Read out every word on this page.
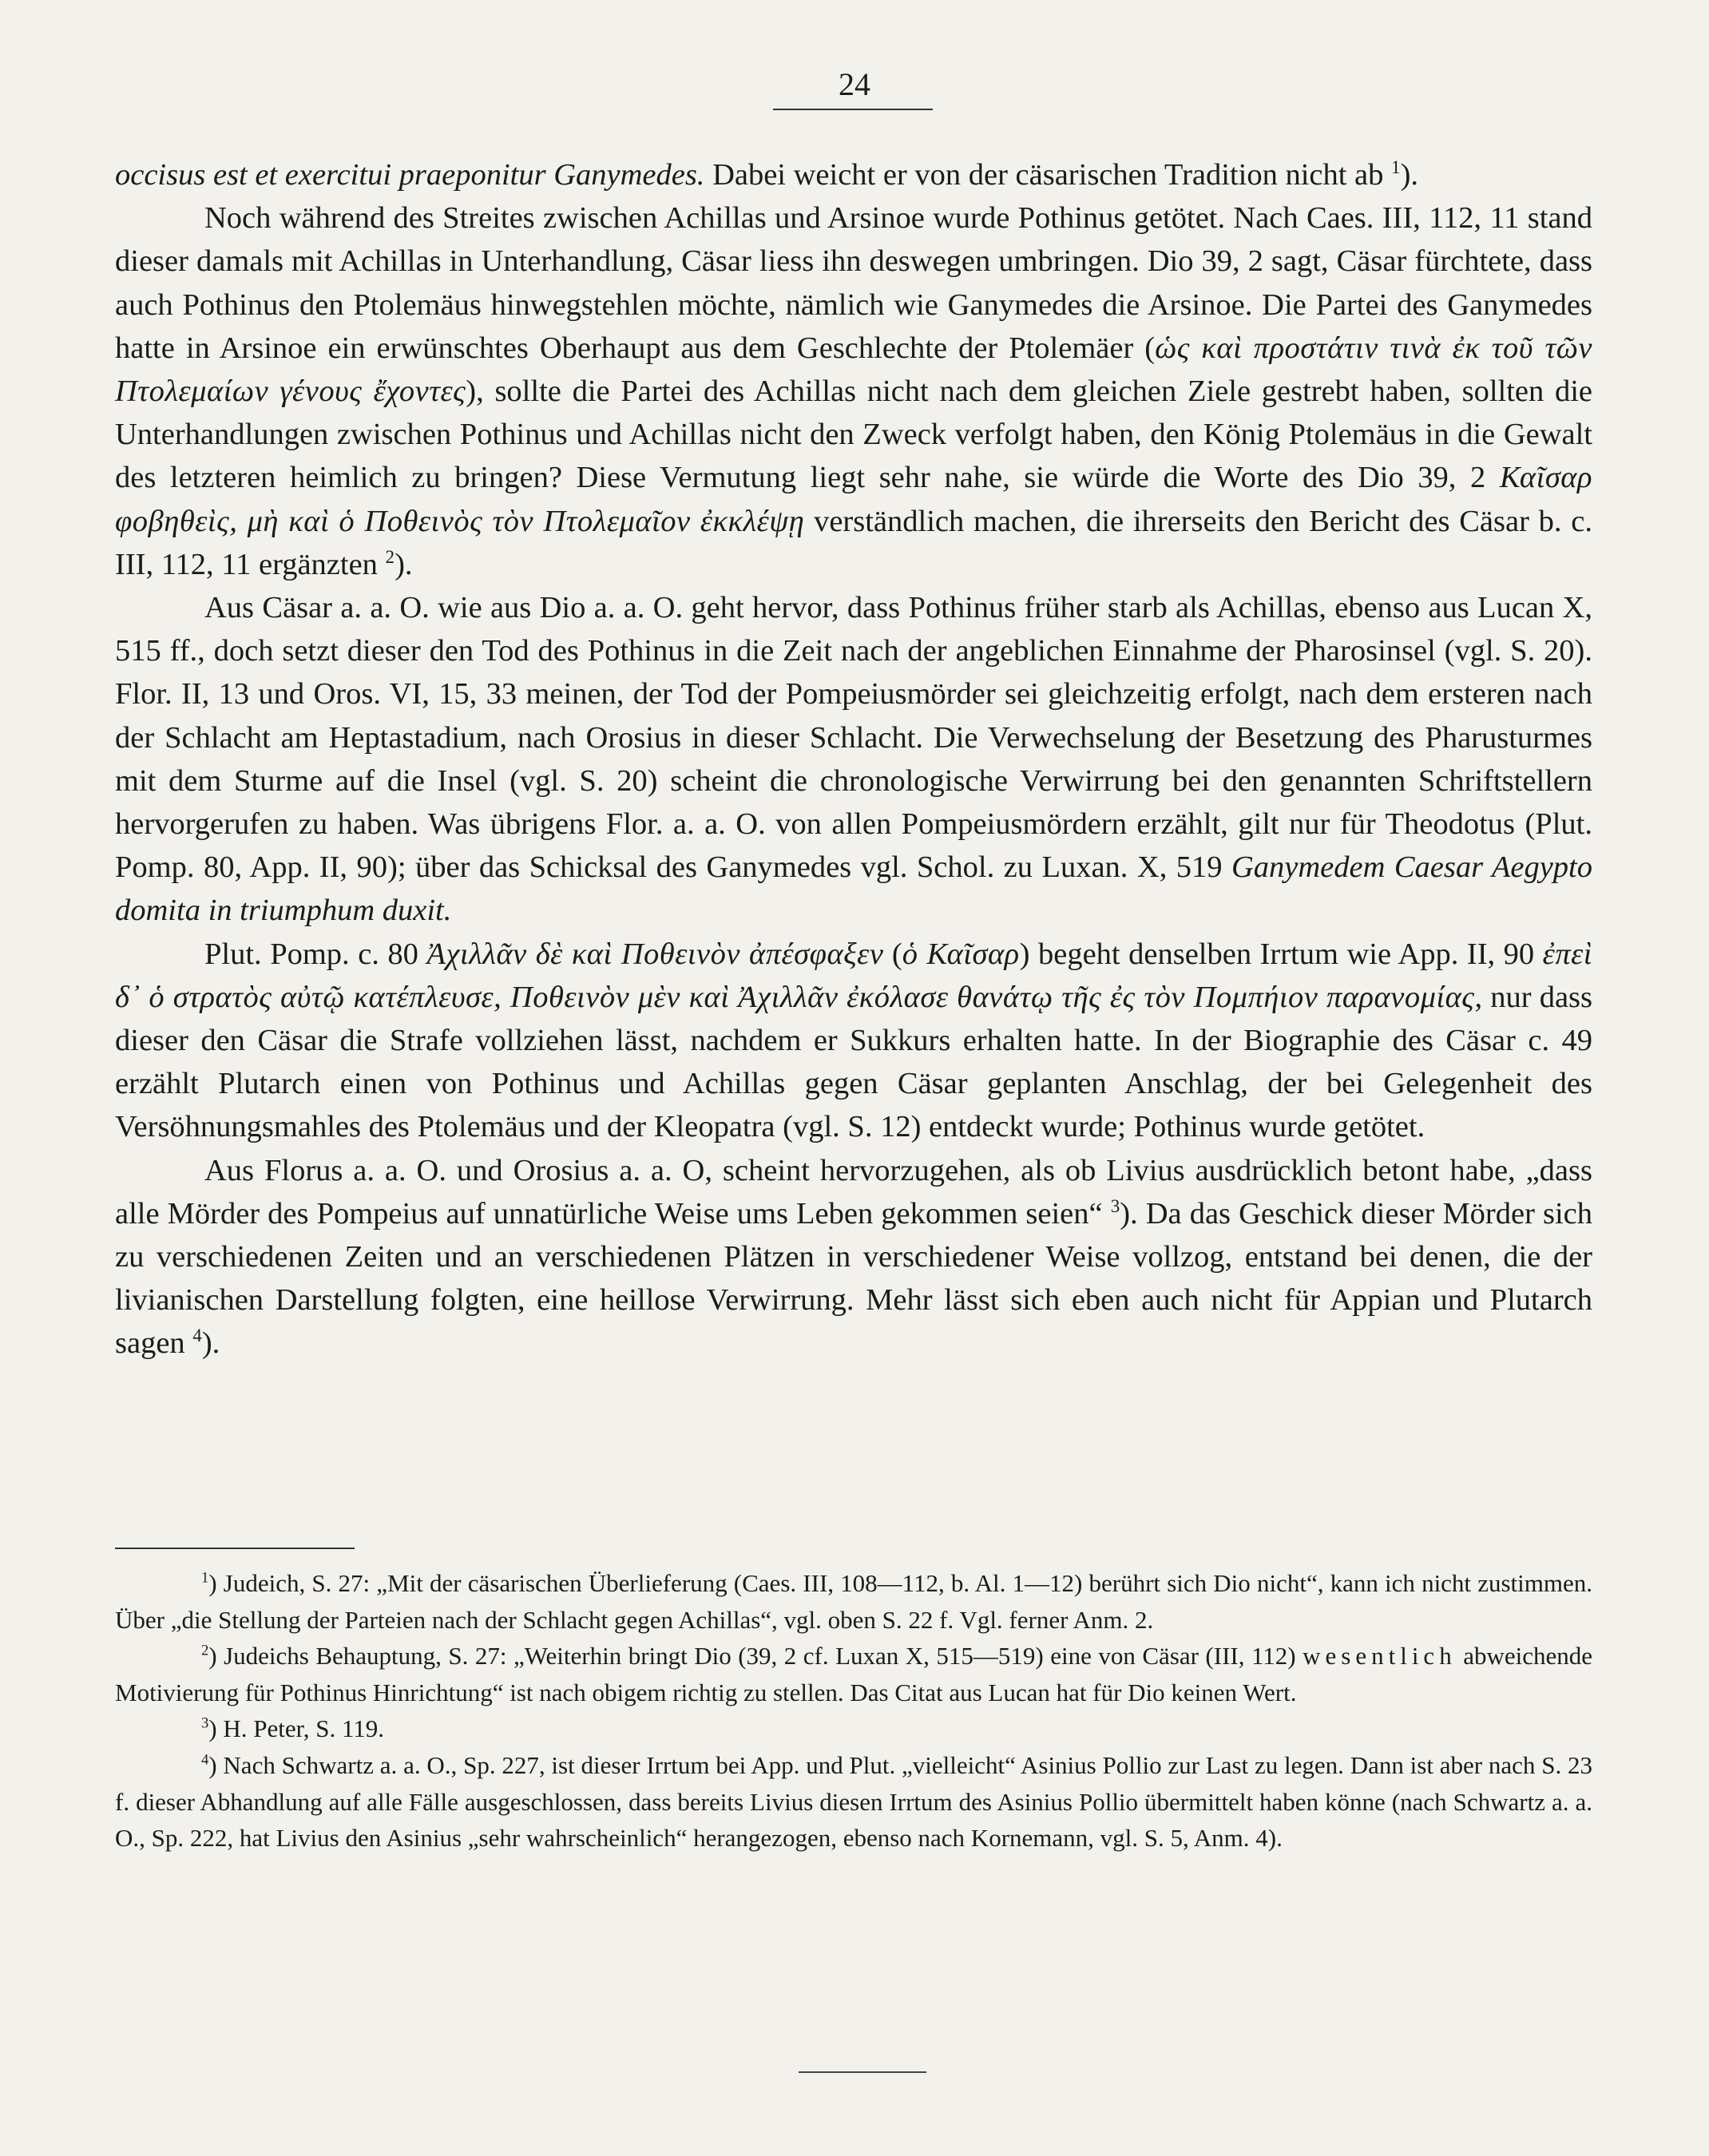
24

occisus est et exercitui praeponitur Ganymedes. Dabei weicht er von der cäsarischen Tradition nicht ab $^1$).

Noch während des Streites zwischen Achillas und Arsinoe wurde Pothinus getötet. Nach Caes. III, 112, 11 stand dieser damals mit Achillas in Unterhandlung, Cäsar liess ihn deswegen umbringen. Dio 39, 2 sagt, Cäsar fürchtete, dass auch Pothinus den Ptolemäus hinwegstehlen möchte, nämlich wie Ganymedes die Arsinoe. Die Partei des Ganymedes hatte in Arsinoe ein erwünschtes Oberhaupt aus dem Geschlechte der Ptolemäer (ὡς καὶ προστάτιν τινὰ ἐκ τοῦ τῶν Πτολεμαίων γένους ἔχοντες), sollte die Partei des Achillas nicht nach dem gleichen Ziele gestrebt haben, sollten die Unterhandlungen zwischen Pothinus und Achillas nicht den Zweck verfolgt haben, den König Ptolemäus in die Gewalt des letzteren heimlich zu bringen? Diese Vermutung liegt sehr nahe, sie würde die Worte des Dio 39, 2 Καῖσαρ φοβηθεὶς, μὴ καὶ ὁ Ποθεινὸς τὸν Πτολεμαῖον ἐκκλέψῃ verständlich machen, die ihrerseits den Bericht des Cäsar b. c. III, 112, 11 ergänzten $^2$).

Aus Cäsar a. a. O. wie aus Dio a. a. O. geht hervor, dass Pothinus früher starb als Achillas, ebenso aus Lucan X, 515 ff., doch setzt dieser den Tod des Pothinus in die Zeit nach der angeblichen Einnahme der Pharosinsel (vgl. S. 20). Flor. II, 13 und Oros. VI, 15, 33 meinen, der Tod der Pompeiusmörder sei gleichzeitig erfolgt, nach dem ersteren nach der Schlacht am Heptastadium, nach Orosius in dieser Schlacht. Die Verwechselung der Besetzung des Pharusturmes mit dem Sturme auf die Insel (vgl. S. 20) scheint die chronologische Verwirrung bei den genannten Schriftstellern hervorgerufen zu haben. Was übrigens Flor. a. a. O. von allen Pompeiusmördern erzählt, gilt nur für Theodotus (Plut. Pomp. 80, App. II, 90); über das Schicksal des Ganymedes vgl. Schol. zu Luxan. X, 519 Ganymedem Caesar Aegypto domita in triumphum duxit.

Plut. Pomp. c. 80 Ἀχιλλᾶν δὲ καὶ Ποθεινὸν ἀπέσφαξεν (ὁ Καῖσαρ) begeht denselben Irrtum wie App. II, 90 ἐπεὶ δ᾽ ὁ στρατὸς αὐτῷ κατέπλευσε, Ποθεινὸν μὲν καὶ Ἀχιλλᾶν ἐκόλασε θανάτῳ τῆς ἐς τὸν Πομπήιον παρανομίας, nur dass dieser den Cäsar die Strafe vollziehen lässt, nachdem er Sukkurs erhalten hatte. In der Biographie des Cäsar c. 49 erzählt Plutarch einen von Pothinus und Achillas gegen Cäsar geplanten Anschlag, der bei Gelegenheit des Versöhnungsmahles des Ptolemäus und der Kleopatra (vgl. S. 12) entdeckt wurde; Pothinus wurde getötet.

Aus Florus a. a. O. und Orosius a. a. O, scheint hervorzugehen, als ob Livius ausdrücklich betont habe, „dass alle Mörder des Pompeius auf unnatürliche Weise ums Leben gekommen seien“ $^3$). Da das Geschick dieser Mörder sich zu verschiedenen Zeiten und an verschiedenen Plätzen in verschiedener Weise vollzog, entstand bei denen, die der livianischen Darstellung folgten, eine heillose Verwirrung. Mehr lässt sich eben auch nicht für Appian und Plutarch sagen $^4$).

$^1$) Judeich, S. 27: „Mit der cäsarischen Überlieferung (Caes. III, 108—112, b. Al. 1—12) berührt sich Dio nicht“, kann ich nicht zustimmen. Über „die Stellung der Parteien nach der Schlacht gegen Achillas“, vgl. oben S. 22 f. Vgl. ferner Anm. 2.

$^2$) Judeichs Behauptung, S. 27: „Weiterhin bringt Dio (39, 2 cf. Luxan X, 515—519) eine von Cäsar (III, 112) wesentlich abweichende Motivierung für Pothinus Hinrichtung“ ist nach obigem richtig zu stellen. Das Citat aus Lucan hat für Dio keinen Wert.

$^3$) H. Peter, S. 119.

$^4$) Nach Schwartz a. a. O., Sp. 227, ist dieser Irrtum bei App. und Plut. „vielleicht“ Asinius Pollio zur Last zu legen. Dann ist aber nach S. 23 f. dieser Abhandlung auf alle Fälle ausgeschlossen, dass bereits Livius diesen Irrtum des Asinius Pollio übermittelt haben könne (nach Schwartz a. a. O., Sp. 222, hat Livius den Asinius „sehr wahrscheinlich“ herangezogen, ebenso nach Kornemann, vgl. S. 5, Anm. 4).
